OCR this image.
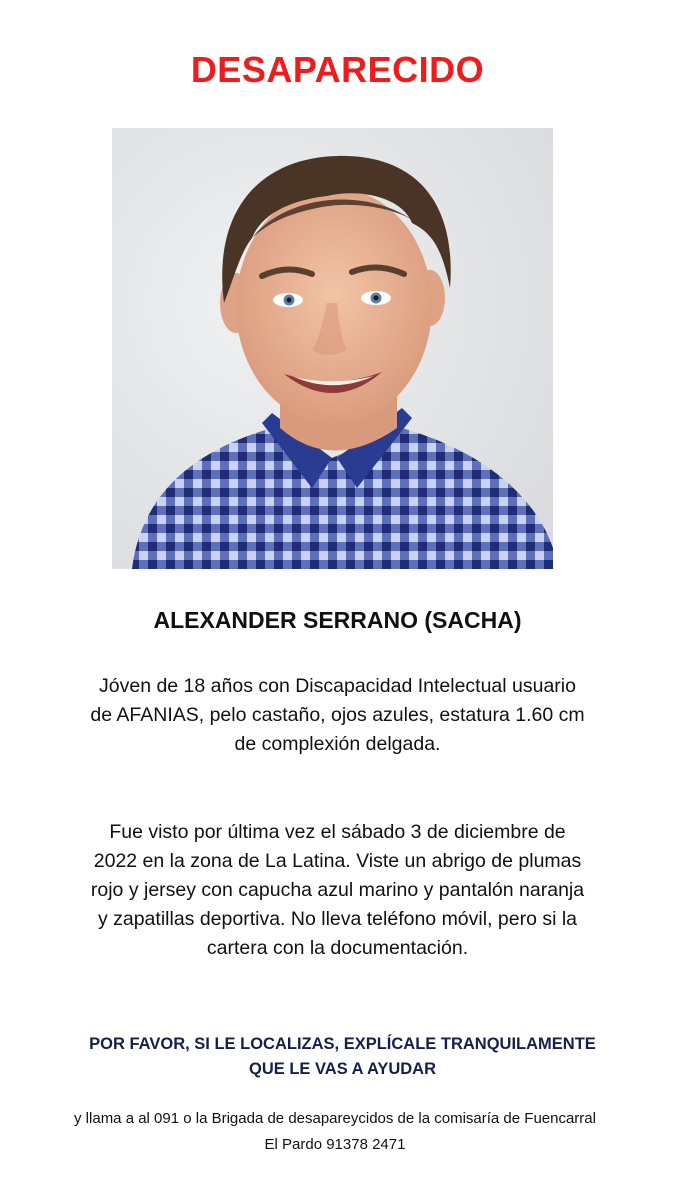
DESAPARECIDO
ALEXANDER SERRANO (SACHA)

Jóven de 18 años con Discapacidad Intelectual usuario de AFANIAS, pelo castaño, ojos azules, estatura 1.60 cm de complexión delgada.

Fue visto por última vez el sábado 3 de diciembre de 2022 en la zona de La Latina. Viste un abrigo de plumas rojo y jersey con capucha azul marino y pantalón naranja y zapatillas deportiva. No lleva teléfono móvil, pero si la cartera con la documentación.

POR FAVOR, SI LE LOCALIZAS, EXPLÍCALE TRANQUILAMENTE QUE LE VAS A AYUDAR

y llama a al 091 o la Brigada de desapareycidos de la comisaría de Fuencarral El Pardo 91378 2471
